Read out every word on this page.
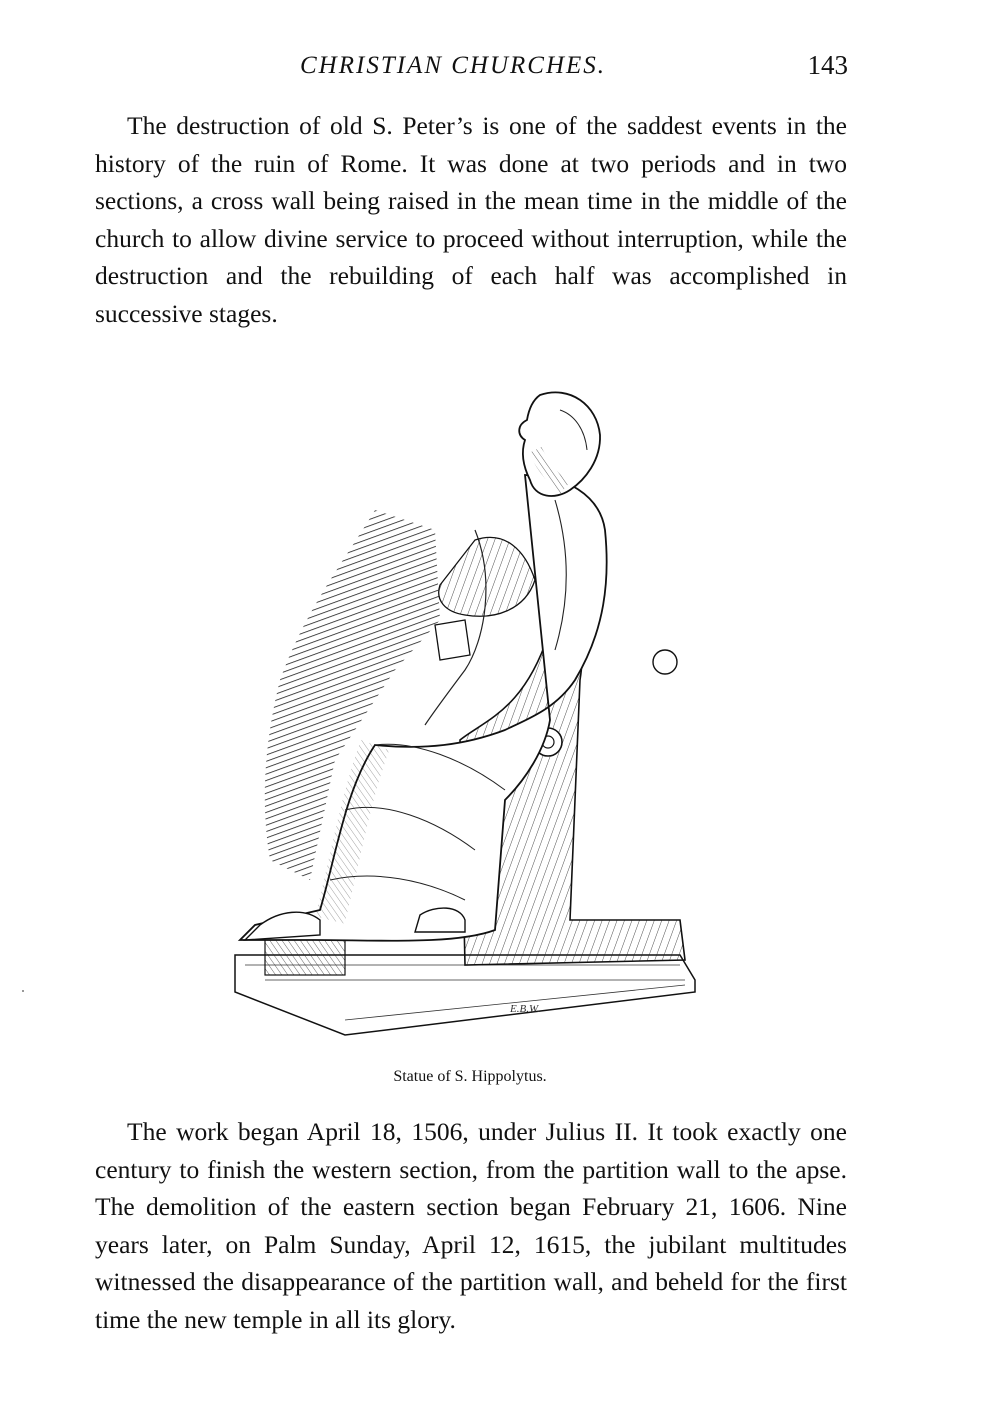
CHRISTIAN CHURCHES.	143

The destruction of old S. Peter’s is one of the saddest events in the history of the ruin of Rome. It was done at two periods and in two sections, a cross wall being raised in the mean time in the middle of the church to allow divine service to proceed without interruption, while the destruction and the rebuilding of each half was accomplished in successive stages.

E.B.W.
Statue of S. Hippolytus.

The work began April 18, 1506, under Julius II. It took exactly one century to finish the western section, from the partition wall to the apse. The demolition of the eastern section began February 21, 1606. Nine years later, on Palm Sunday, April 12, 1615, the jubilant multitudes witnessed the disappearance of the partition wall, and beheld for the first time the new temple in all its glory.
